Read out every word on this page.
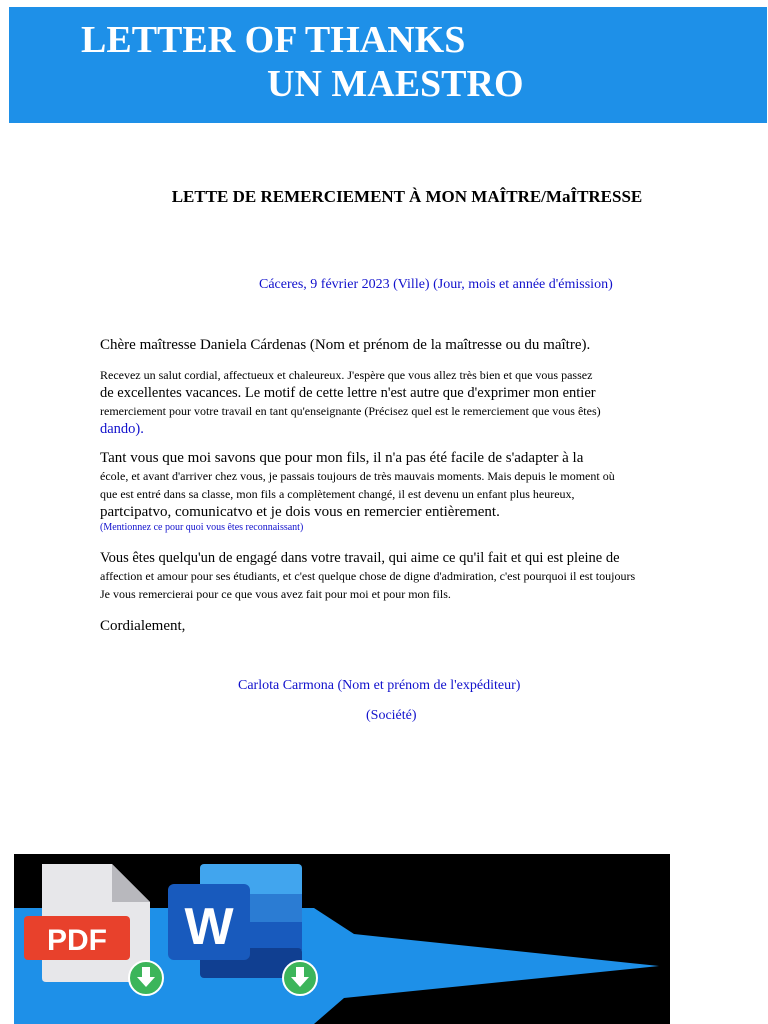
LETTER OF THANKS
UN MAESTRO
LETTE DE REMERCIEMENT À MON MAÎTRE/MaÎTRESSE
Cáceres, 9 février 2023 (Ville) (Jour, mois et année d'émission)
Chère maîtresse Daniela Cárdenas (Nom et prénom de la maîtresse ou du maître).
Recevez un salut cordial, affectueux et chaleureux. J'espère que vous allez très bien et que vous passez
de excellentes vacances. Le motif de cette lettre n'est autre que d'exprimer mon entier
remerciement pour votre travail en tant qu'enseignante (Précisez quel est le remerciement que vous êtes)
dando).
Tant vous que moi savons que pour mon fils, il n'a pas été facile de s'adapter à la
école, et avant d'arriver chez vous, je passais toujours de très mauvais moments. Mais depuis le moment où
que est entré dans sa classe, mon fils a complètement changé, il est devenu un enfant plus heureux,
partcipatvo, comunicatvo et je dois vous en remercier entièrement.
(Mentionnez ce pour quoi vous êtes reconnaissant)
Vous êtes quelqu'un de engagé dans votre travail, qui aime ce qu'il fait et qui est pleine de
affection et amour pour ses étudiants, et c'est quelque chose de digne d'admiration, c'est pourquoi il est toujours
Je vous remercierai pour ce que vous avez fait pour moi et pour mon fils.
Cordialement,
Carlota Carmona (Nom et prénom de l'expéditeur)
(Société)
PDF W
